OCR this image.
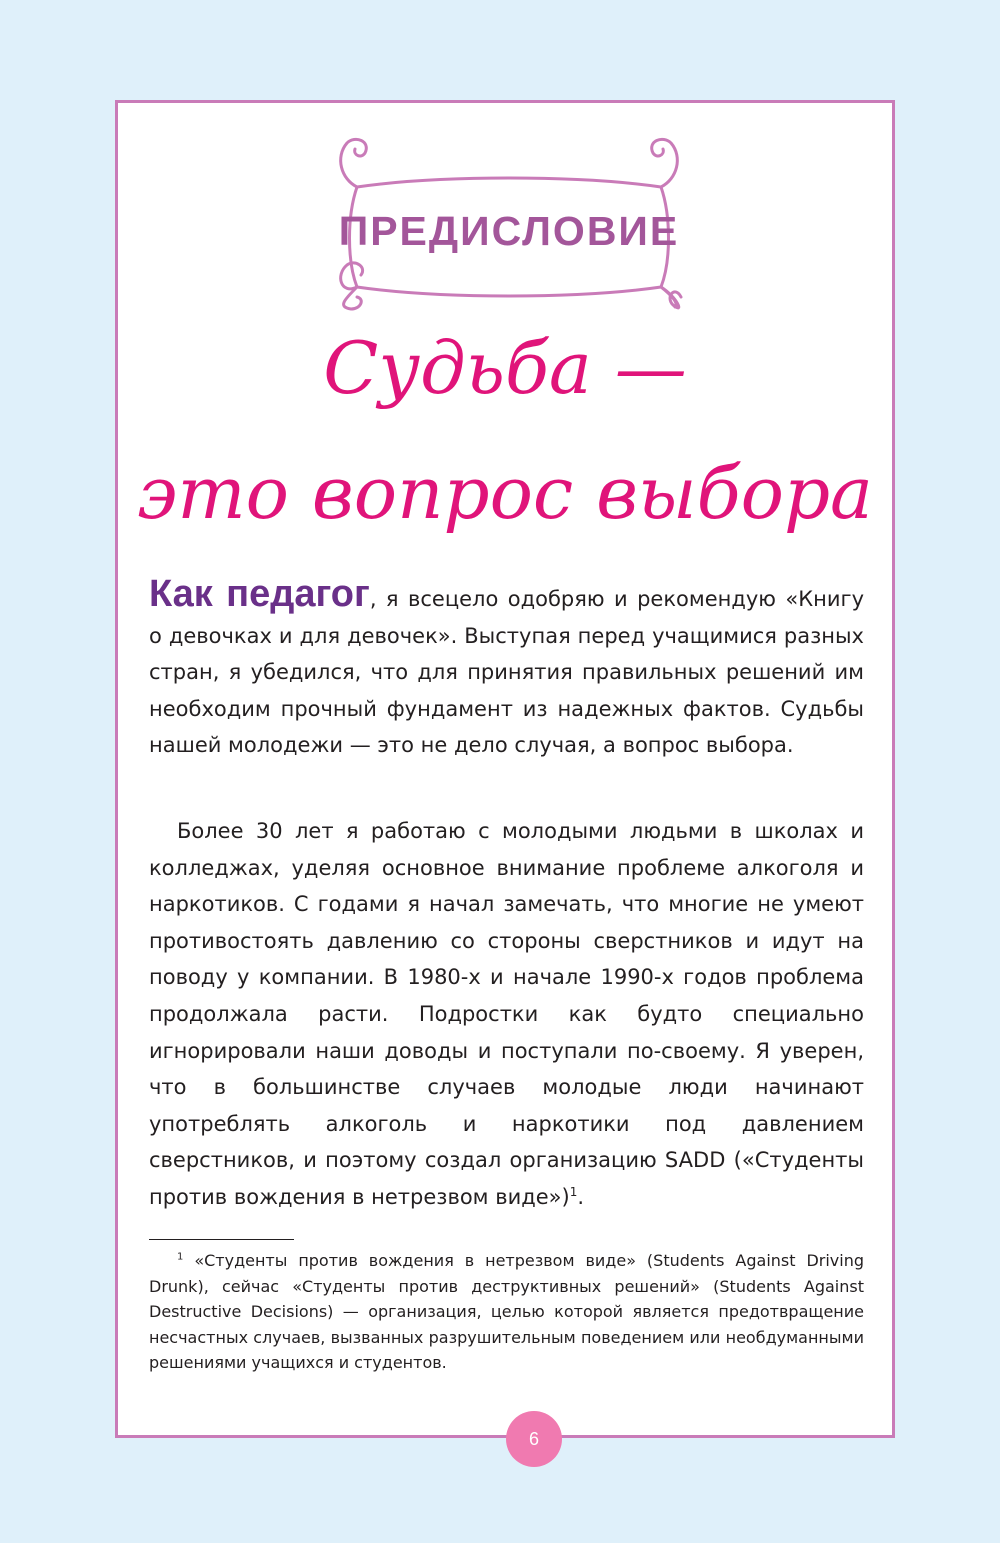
ПРЕДИСЛОВИЕ
Судьба —
это вопрос выбора
Как педагог, я всецело одобряю и рекомендую «Книгу о девочках и для девочек». Выступая перед учащимися разных стран, я убедился, что для принятия правильных решений им необходим прочный фундамент из надежных фактов. Судьбы нашей молодежи — это не дело случая, а вопрос выбора.
Более 30 лет я работаю с молодыми людьми в школах и колледжах, уделяя основное внимание проблеме алкоголя и наркотиков. С годами я начал замечать, что многие не умеют противостоять давлению со стороны сверстников и идут на поводу у компании. В 1980-х и начале 1990-х годов проблема продолжала расти. Подростки как будто специально игнорировали наши доводы и поступали по-своему. Я уверен, что в большинстве случаев молодые люди начинают употреблять алкоголь и наркотики под давлением сверстников, и поэтому создал организацию SADD («Студенты против вождения в нетрезвом виде»)$^1$.
$^1$ «Студенты против вождения в нетрезвом виде» (Students Against Driving Drunk), сейчас «Студенты против деструктивных решений» (Students Against Destructive Decisions) — организация, целью которой является предотвращение несчастных случаев, вызванных разрушительным поведением или необдуманными решениями учащихся и студентов.
6
